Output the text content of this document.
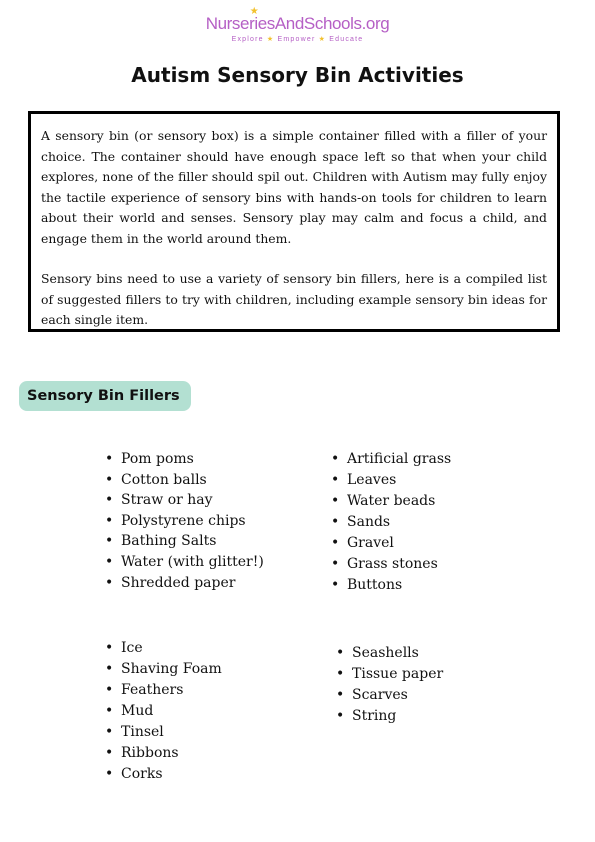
★
NurseriesAndSchools.org
Explore ★ Empower ★ Educate
Autism Sensory Bin Activities

A sensory bin (or sensory box) is a simple container filled with a filler of your choice. The container should have enough space left so that when your child explores, none of the filler should spil out. Children with Autism may fully enjoy the tactile experience of sensory bins with hands-on tools for children to learn about their world and senses. Sensory play may calm and focus a child, and engage them in the world around them.

Sensory bins need to use a variety of sensory bin fillers, here is a compiled list of suggested fillers to try with children, including example sensory bin ideas for each single item.

Sensory Bin Fillers
• Pom poms
• Cotton balls
• Straw or hay
• Polystyrene chips
• Bathing Salts
• Water (with glitter!)
• Shredded paper
• Artificial grass
• Leaves
• Water beads
• Sands
• Gravel
• Grass stones
• Buttons
• Ice
• Shaving Foam
• Feathers
• Mud
• Tinsel
• Ribbons
• Corks
• Seashells
• Tissue paper
• Scarves
• String
